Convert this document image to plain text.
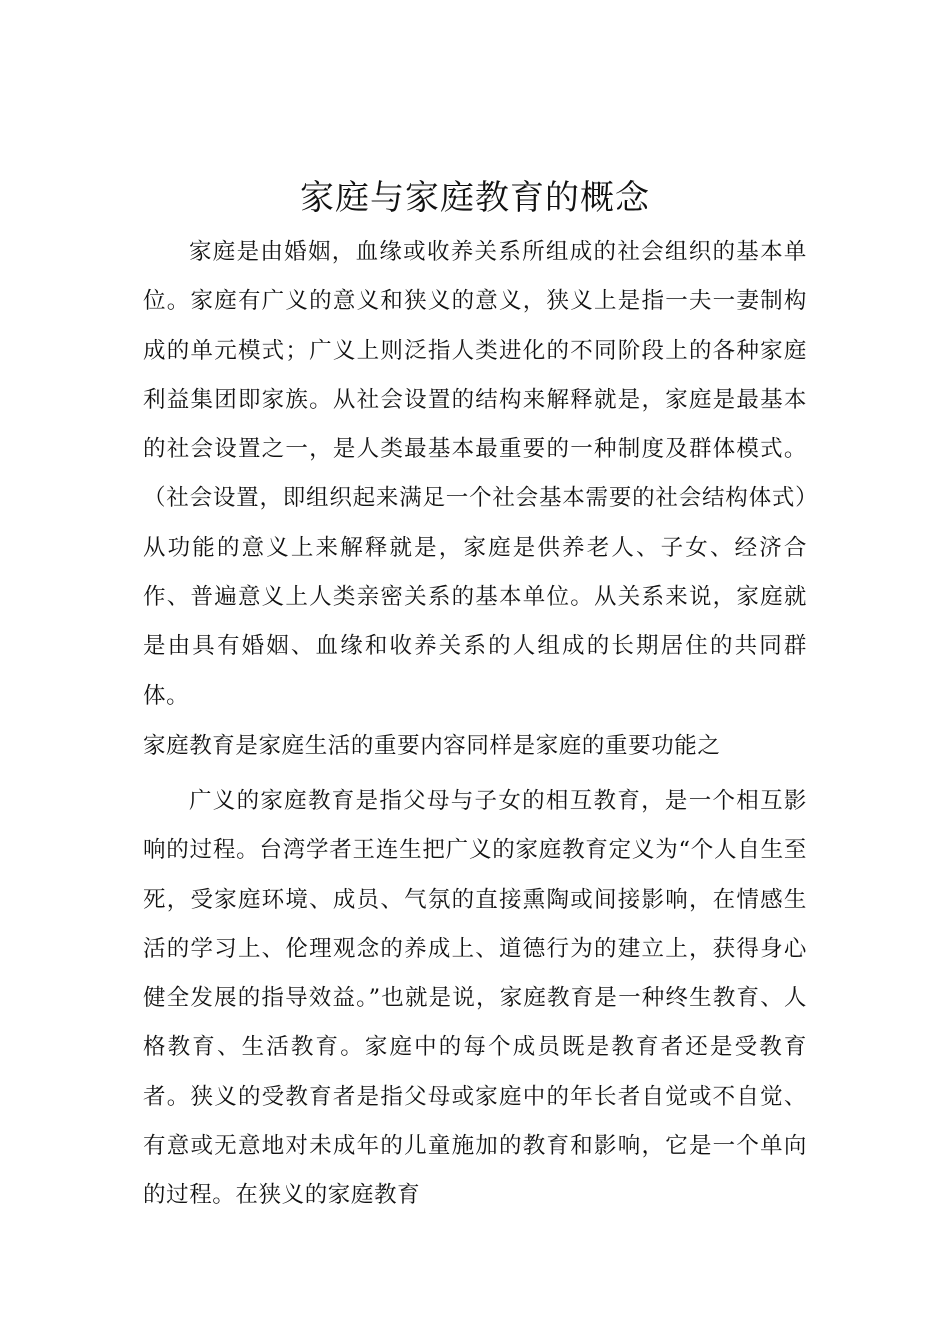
家庭与家庭教育的概念

家庭是由婚姻，血缘或收养关系所组成的社会组织的基本单位。家庭有广义的意义和狭义的意义，狭义上是指一夫一妻制构成的单元模式；广义上则泛指人类进化的不同阶段上的各种家庭利益集团即家族。从社会设置的结构来解释就是，家庭是最基本的社会设置之一，是人类最基本最重要的一种制度及群体模式。（社会设置，即组织起来满足一个社会基本需要的社会结构体式）从功能的意义上来解释就是，家庭是供养老人、子女、经济合作、普遍意义上人类亲密关系的基本单位。从关系来说，家庭就是由具有婚姻、血缘和收养关系的人组成的长期居住的共同群体。

家庭教育是家庭生活的重要内容同样是家庭的重要功能之

广义的家庭教育是指父母与子女的相互教育，是一个相互影响的过程。台湾学者王连生把广义的家庭教育定义为“个人自生至死，受家庭环境、成员、气氛的直接熏陶或间接影响，在情感生活的学习上、伦理观念的养成上、道德行为的建立上，获得身心健全发展的指导效益。”也就是说，家庭教育是一种终生教育、人格教育、生活教育。家庭中的每个成员既是教育者还是受教育者。狭义的受教育者是指父母或家庭中的年长者自觉或不自觉、有意或无意地对未成年的儿童施加的教育和影响，它是一个单向的过程。在狭义的家庭教育
